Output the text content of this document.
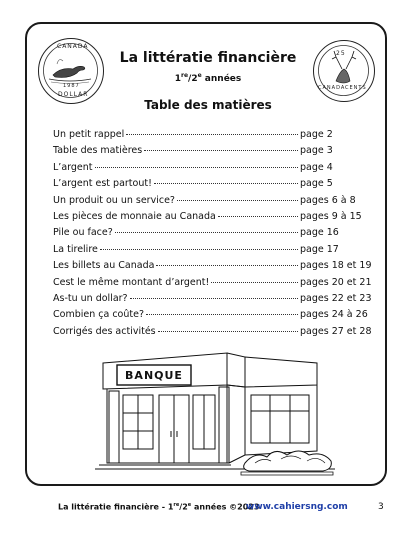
CANADA
1987
DOLLAR
25
CANADA CENTS
La littératie financière
1re/2e années
Table des matières
Un petit rappel	page 2
Table des matières	page 3
L’argent	page 4
L’argent est partout!	page 5
Un produit ou un service?	pages 6 à 8
Les pièces de monnaie au Canada	pages 9 à 15
Pile ou face?	page 16
La tirelire	page 17
Les billets au Canada	pages 18 et 19
Cest le même montant d’argent!	pages 20 et 21
As-tu un dollar?	pages 22 et 23
Combien ça coûte?	pages 24 à 26
Corrigés des activités	pages 27 et 28
BANQUE
La littératie financière - 1re/2e années ©2023
www.cahiersng.com	3
